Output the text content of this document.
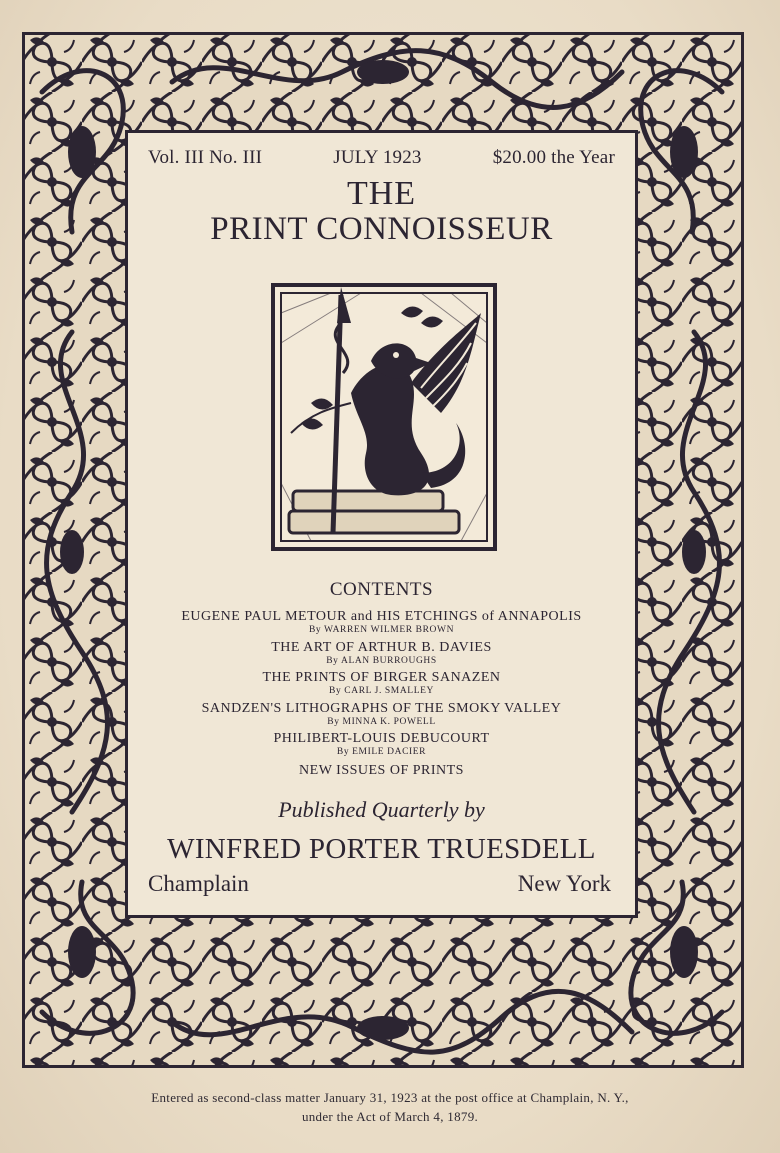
Vol. III No. III	JULY 1923	$20.00 the Year
THE
PRINT CONNOISSEUR
CONTENTS
EUGENE PAUL METOUR and HIS ETCHINGS of ANNAPOLIS
By WARREN WILMER BROWN
THE ART OF ARTHUR B. DAVIES
By ALAN BURROUGHS
THE PRINTS OF BIRGER SANAZEN
By CARL J. SMALLEY
SANDZEN'S LITHOGRAPHS OF THE SMOKY VALLEY
By MINNA K. POWELL
PHILIBERT-LOUIS DEBUCOURT
By EMILE DACIER
NEW ISSUES OF PRINTS
Published Quarterly by
WINFRED PORTER TRUESDELL
Champlain	New York
Entered as second-class matter January 31, 1923 at the post office at Champlain, N. Y.,
under the Act of March 4, 1879.
